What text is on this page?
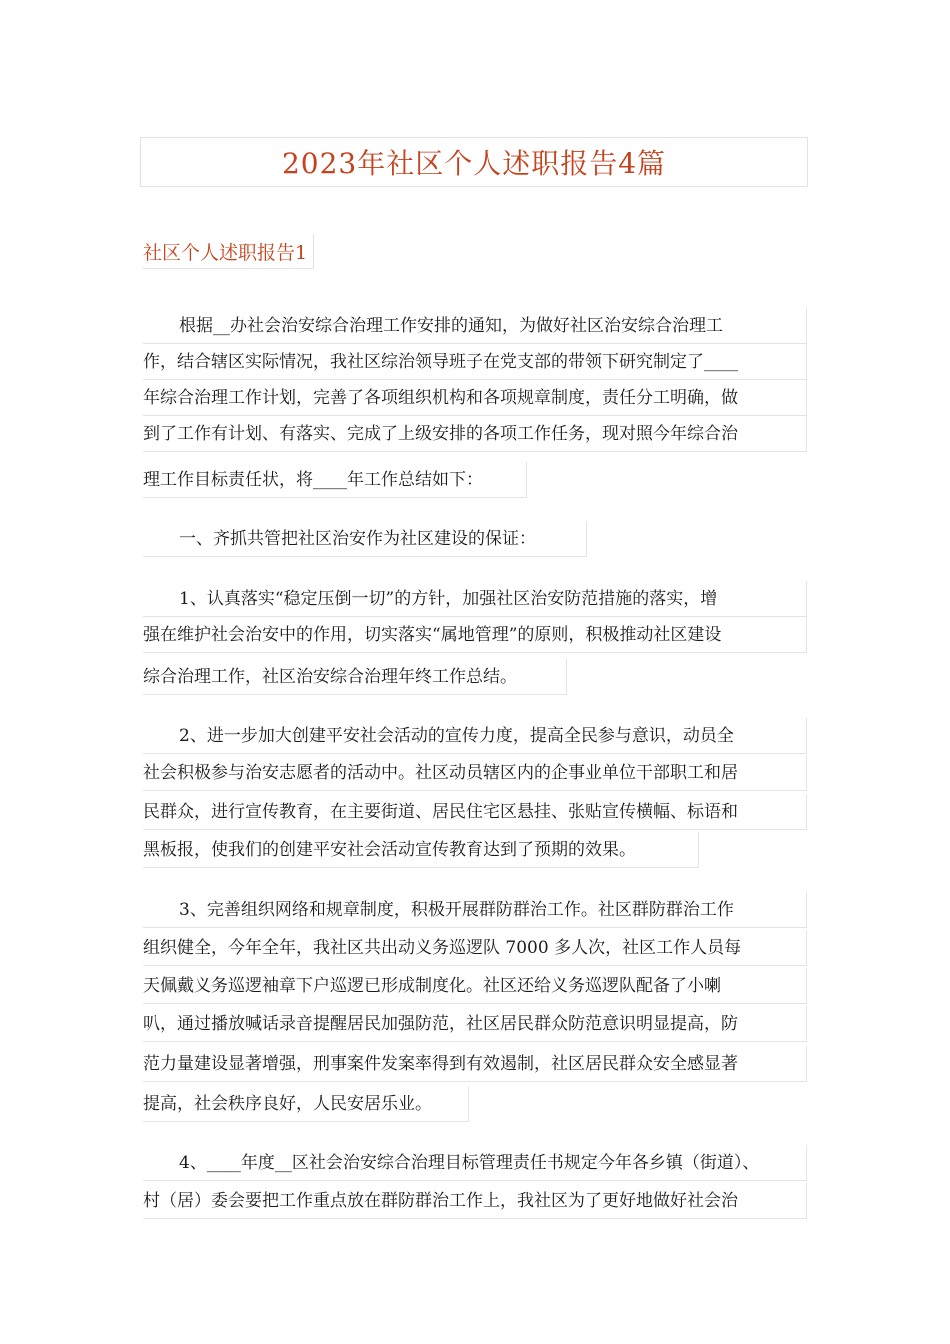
2023年社区个人述职报告4篇
社区个人述职报告1
根据__办社会治安综合治理工作安排的通知，为做好社区治安综合治理工
作，结合辖区实际情况，我社区综治领导班子在党支部的带领下研究制定了____
年综合治理工作计划，完善了各项组织机构和各项规章制度，责任分工明确，做
到了工作有计划、有落实、完成了上级安排的各项工作任务，现对照今年综合治
理工作目标责任状，将____年工作总结如下：
一、齐抓共管把社区治安作为社区建设的保证：
1、认真落实“稳定压倒一切”的方针，加强社区治安防范措施的落实，增
强在维护社会治安中的作用，切实落实“属地管理”的原则，积极推动社区建设
综合治理工作，社区治安综合治理年终工作总结。
2、进一步加大创建平安社会活动的宣传力度，提高全民参与意识，动员全
社会积极参与治安志愿者的活动中。社区动员辖区内的企事业单位干部职工和居
民群众，进行宣传教育，在主要街道、居民住宅区悬挂、张贴宣传横幅、标语和
黑板报，使我们的创建平安社会活动宣传教育达到了预期的效果。
3、完善组织网络和规章制度，积极开展群防群治工作。社区群防群治工作
组织健全，今年全年，我社区共出动义务巡逻队 7000 多人次，社区工作人员每
天佩戴义务巡逻袖章下户巡逻已形成制度化。社区还给义务巡逻队配备了小喇
叭，通过播放喊话录音提醒居民加强防范，社区居民群众防范意识明显提高，防
范力量建设显著增强，刑事案件发案率得到有效遏制，社区居民群众安全感显著
提高，社会秩序良好，人民安居乐业。
4、____年度__区社会治安综合治理目标管理责任书规定今年各乡镇（街道）、
村（居）委会要把工作重点放在群防群治工作上，我社区为了更好地做好社会治
